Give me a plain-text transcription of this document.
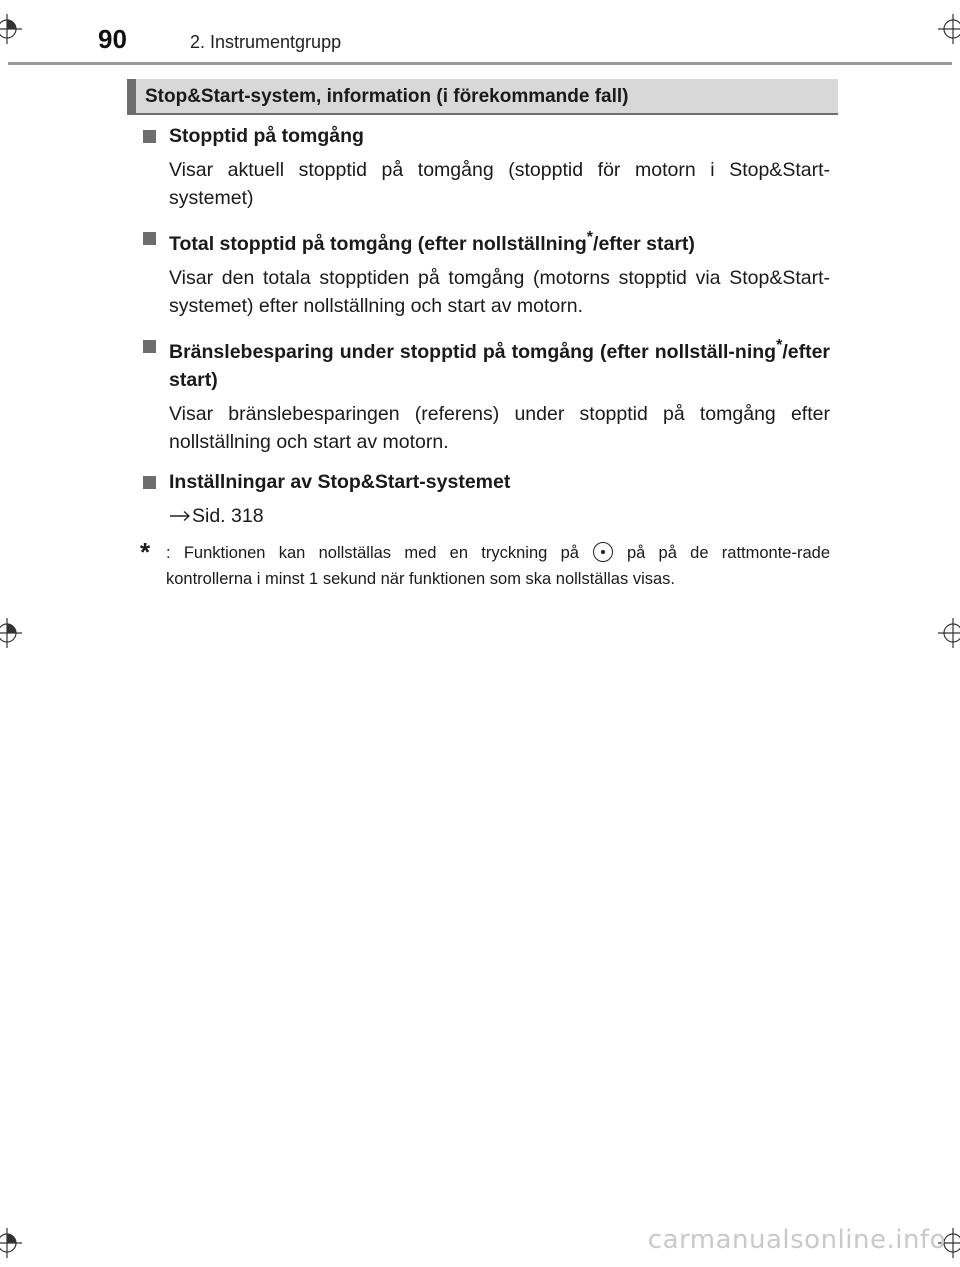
90	2. Instrumentgrupp
Stop&Start-system, information (i förekommande fall)
Stopptid på tomgång
Visar aktuell stopptid på tomgång (stopptid för motorn i Stop&Start-systemet)
Total stopptid på tomgång (efter nollställning*/efter start)
Visar den totala stopptiden på tomgång (motorns stopptid via Stop&Start-systemet) efter nollställning och start av motorn.
Bränslebesparing under stopptid på tomgång (efter nollställ-ning*/efter start)
Visar bränslebesparingen (referens) under stopptid på tomgång efter nollställning och start av motorn.
Inställningar av Stop&Start-systemet
Sid. 318
* : Funktionen kan nollställas med en tryckning på	på på de rattmonte-rade kontrollerna i minst 1 sekund när funktionen som ska nollställas visas.
carmanualsonline.info
